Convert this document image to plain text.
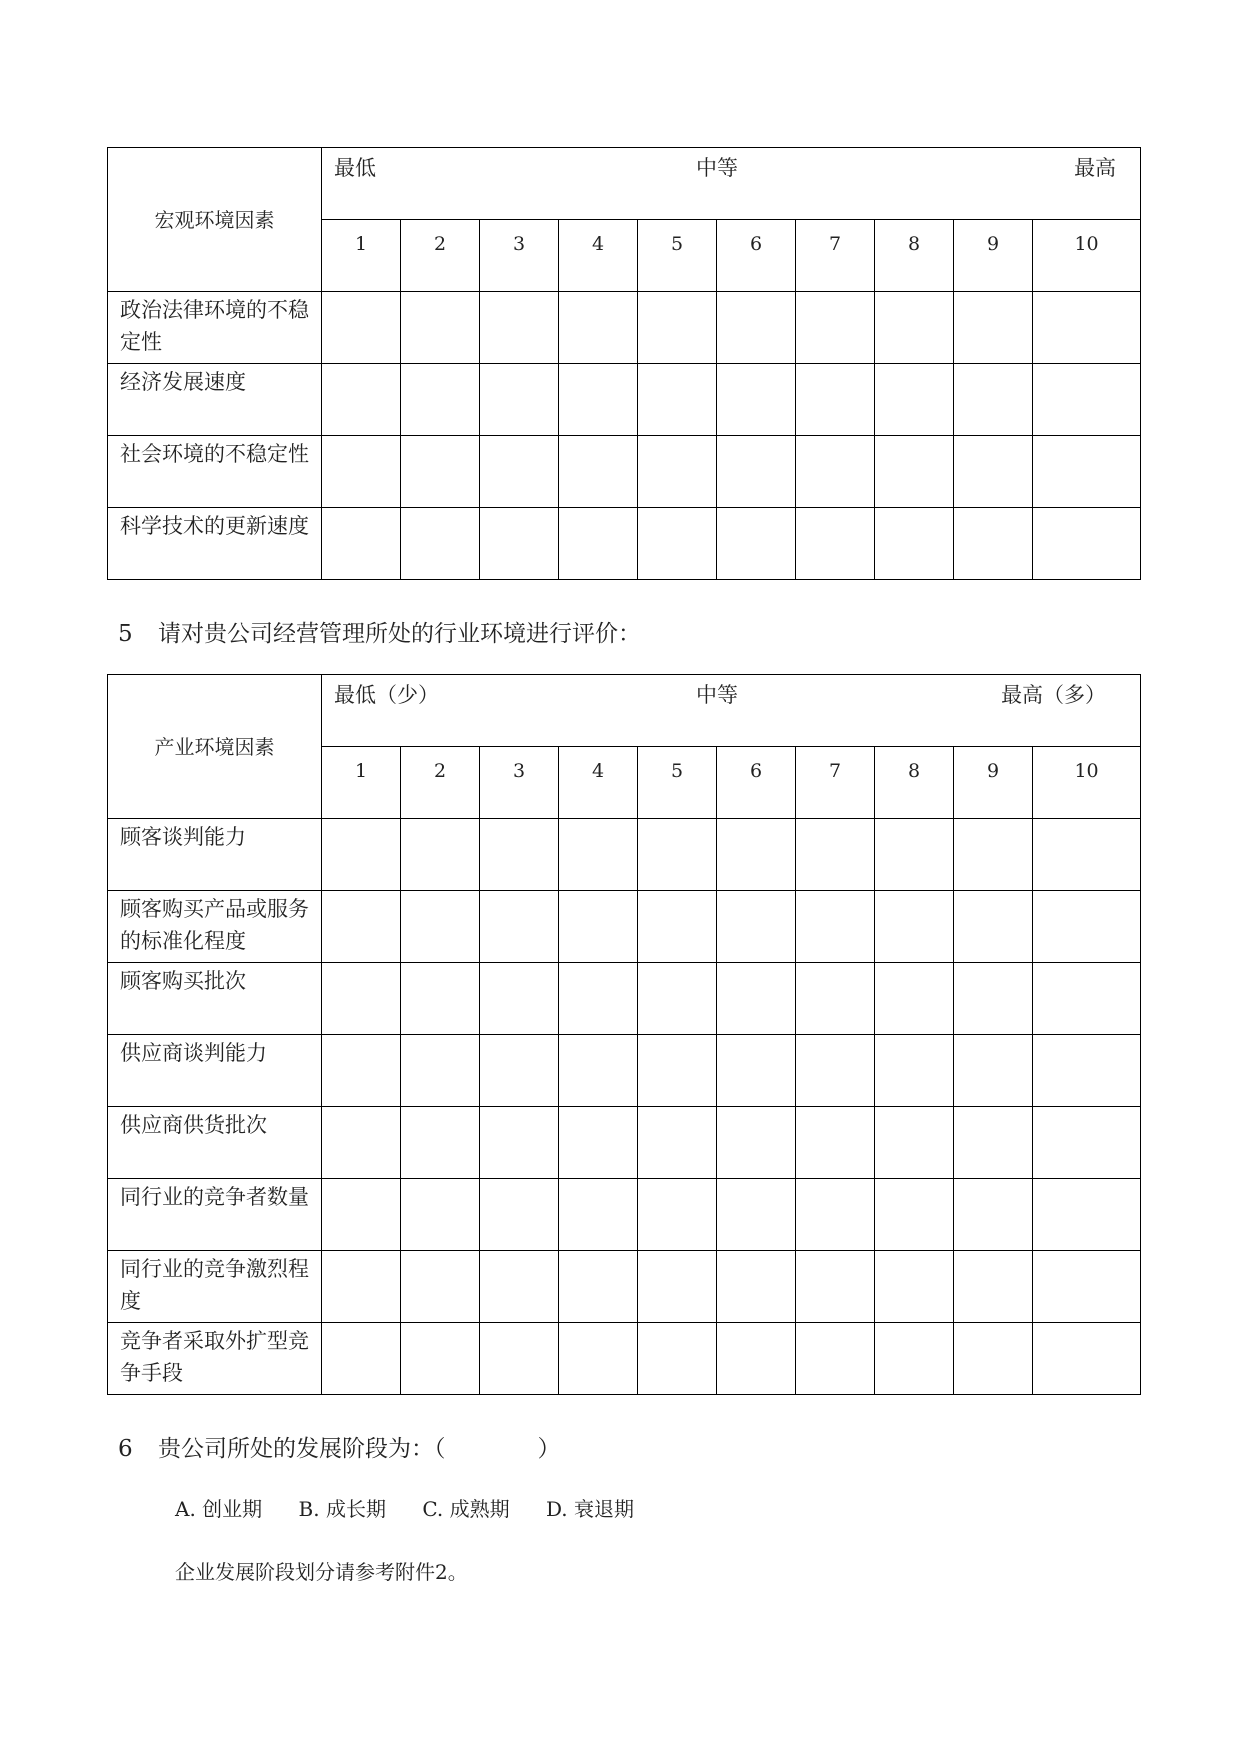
宏观环境因素	最低 中等 最高									

	1	2	3	4	5	6	7	8	9	10
政治法律环境的不稳定性										
经济发展速度										
社会环境的不稳定性										
科学技术的更新速度										
5 请对贵公司经营管理所处的行业环境进行评价：
产业环境因素	最低（少） 中等 最高（多）									

	1	2	3	4	5	6	7	8	9	10
顾客谈判能力										
顾客购买产品或服务的标准化程度										
顾客购买批次										
供应商谈判能力										
供应商供货批次										
同行业的竞争者数量										
同行业的竞争激烈程度										
竞争者采取外扩型竞争手段										
6 贵公司所处的发展阶段为：（　　　　）
A. 创业期 B. 成长期 C. 成熟期 D. 衰退期
企业发展阶段划分请参考附件2。
